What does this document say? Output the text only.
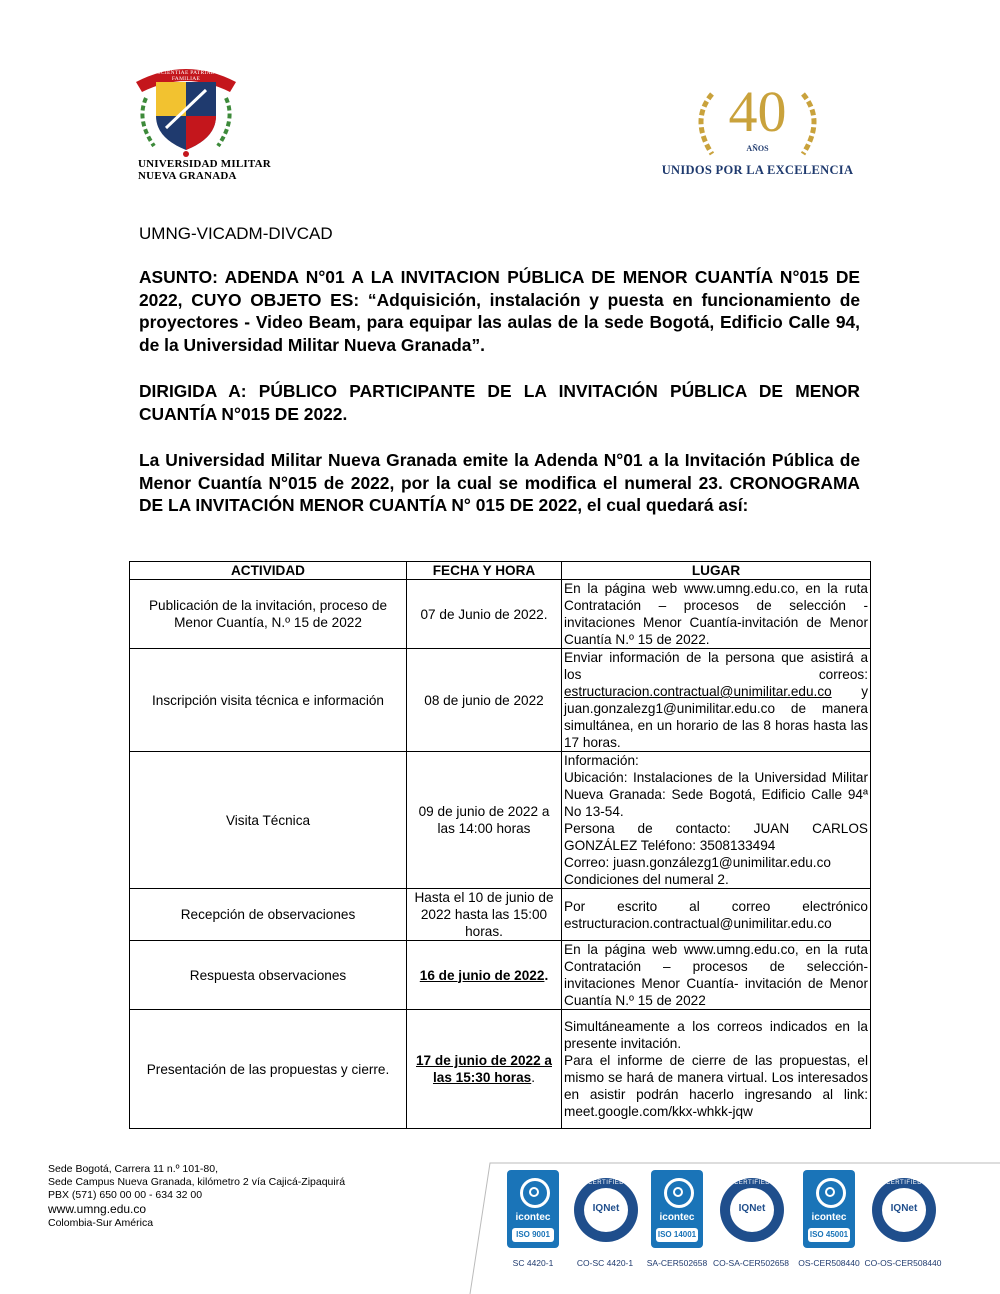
SCIENTIAE PATRIAE FAMILIAE
UNIVERSIDAD MILITAR
NUEVA GRANADA
40
AÑOS
UNIDOS POR LA EXCELENCIA
UMNG-VICADM-DIVCAD
ASUNTO: ADENDA N°01 A LA INVITACION PÚBLICA DE MENOR CUANTÍA N°015 DE 2022, CUYO OBJETO ES: “Adquisición, instalación y puesta en funcionamiento de proyectores - Video Beam, para equipar las aulas de la sede Bogotá, Edificio Calle 94, de la Universidad Militar Nueva Granada”.
DIRIGIDA A: PÚBLICO PARTICIPANTE DE LA INVITACIÓN PÚBLICA DE MENOR CUANTÍA N°015 DE 2022.
La Universidad Militar Nueva Granada emite la Adenda N°01 a la Invitación Pública de Menor Cuantía N°015 de 2022, por la cual se modifica el numeral 23. CRONOGRAMA DE LA INVITACIÓN MENOR CUANTÍA N° 015 DE 2022, el cual quedará así:
ACTIVIDAD	FECHA Y HORA	LUGAR
Publicación de la invitación, proceso de Menor Cuantía, N.º 15 de 2022	07 de Junio de 2022.	En la página web www.umng.edu.co, en la ruta Contratación – procesos de selección - invitaciones Menor Cuantía-invitación de Menor Cuantía N.º 15 de 2022.

Inscripción visita técnica e información	08 de junio de 2022	Enviar información de la persona que asistirá a los correos: estructuracion.contractual@unimilitar.edu.co y juan.gonzalezg1@unimilitar.edu.co de manera simultánea, en un horario de las 8 horas hasta las 17 horas.
Visita Técnica	09 de junio de 2022 a las 14:00 horas	Información:
Ubicación: Instalaciones de la Universidad Militar Nueva Granada: Sede Bogotá, Edificio Calle 94ª No 13-54.
Persona de contacto: JUAN CARLOS GONZÁLEZ Teléfono: 3508133494
Correo: juasn.gonzálezg1@unimilitar.edu.co
Condiciones del numeral 2.

Recepción de observaciones	Hasta el 10 de junio de 2022 hasta las 15:00 horas.	Por escrito al correo electrónico estructuracion.contractual@unimilitar.edu.co

Respuesta observaciones	16 de junio de 2022.	En la página web www.umng.edu.co, en la ruta Contratación – procesos de selección- invitaciones Menor Cuantía- invitación de Menor Cuantía N.º 15 de 2022

Presentación de las propuestas y cierre.	17 de junio de 2022 a las 15:30 horas.	Simultáneamente a los correos indicados en la presente invitación.
Para el informe de cierre de las propuestas, el mismo se hará de manera virtual. Los interesados en asistir podrán hacerlo ingresando al link: meet.google.com/kkx-whkk-jqw
Sede Bogotá, Carrera 11 n.º 101-80,
Sede Campus Nueva Granada, kilómetro 2 vía Cajicá-Zipaquirá
PBX (571) 650 00 00 - 634 32 00
www.umng.edu.co
Colombia-Sur América	icontec
ISO 9001
SC 4420-1
CERTIFIED
IQNet
CO-SC 4420-1
icontec
ISO 14001
SA-CER502658
CERTIFIED
IQNet
CO-SA-CER502658
icontec
ISO 45001
OS-CER508440
CERTIFIED
IQNet
CO-OS-CER508440
